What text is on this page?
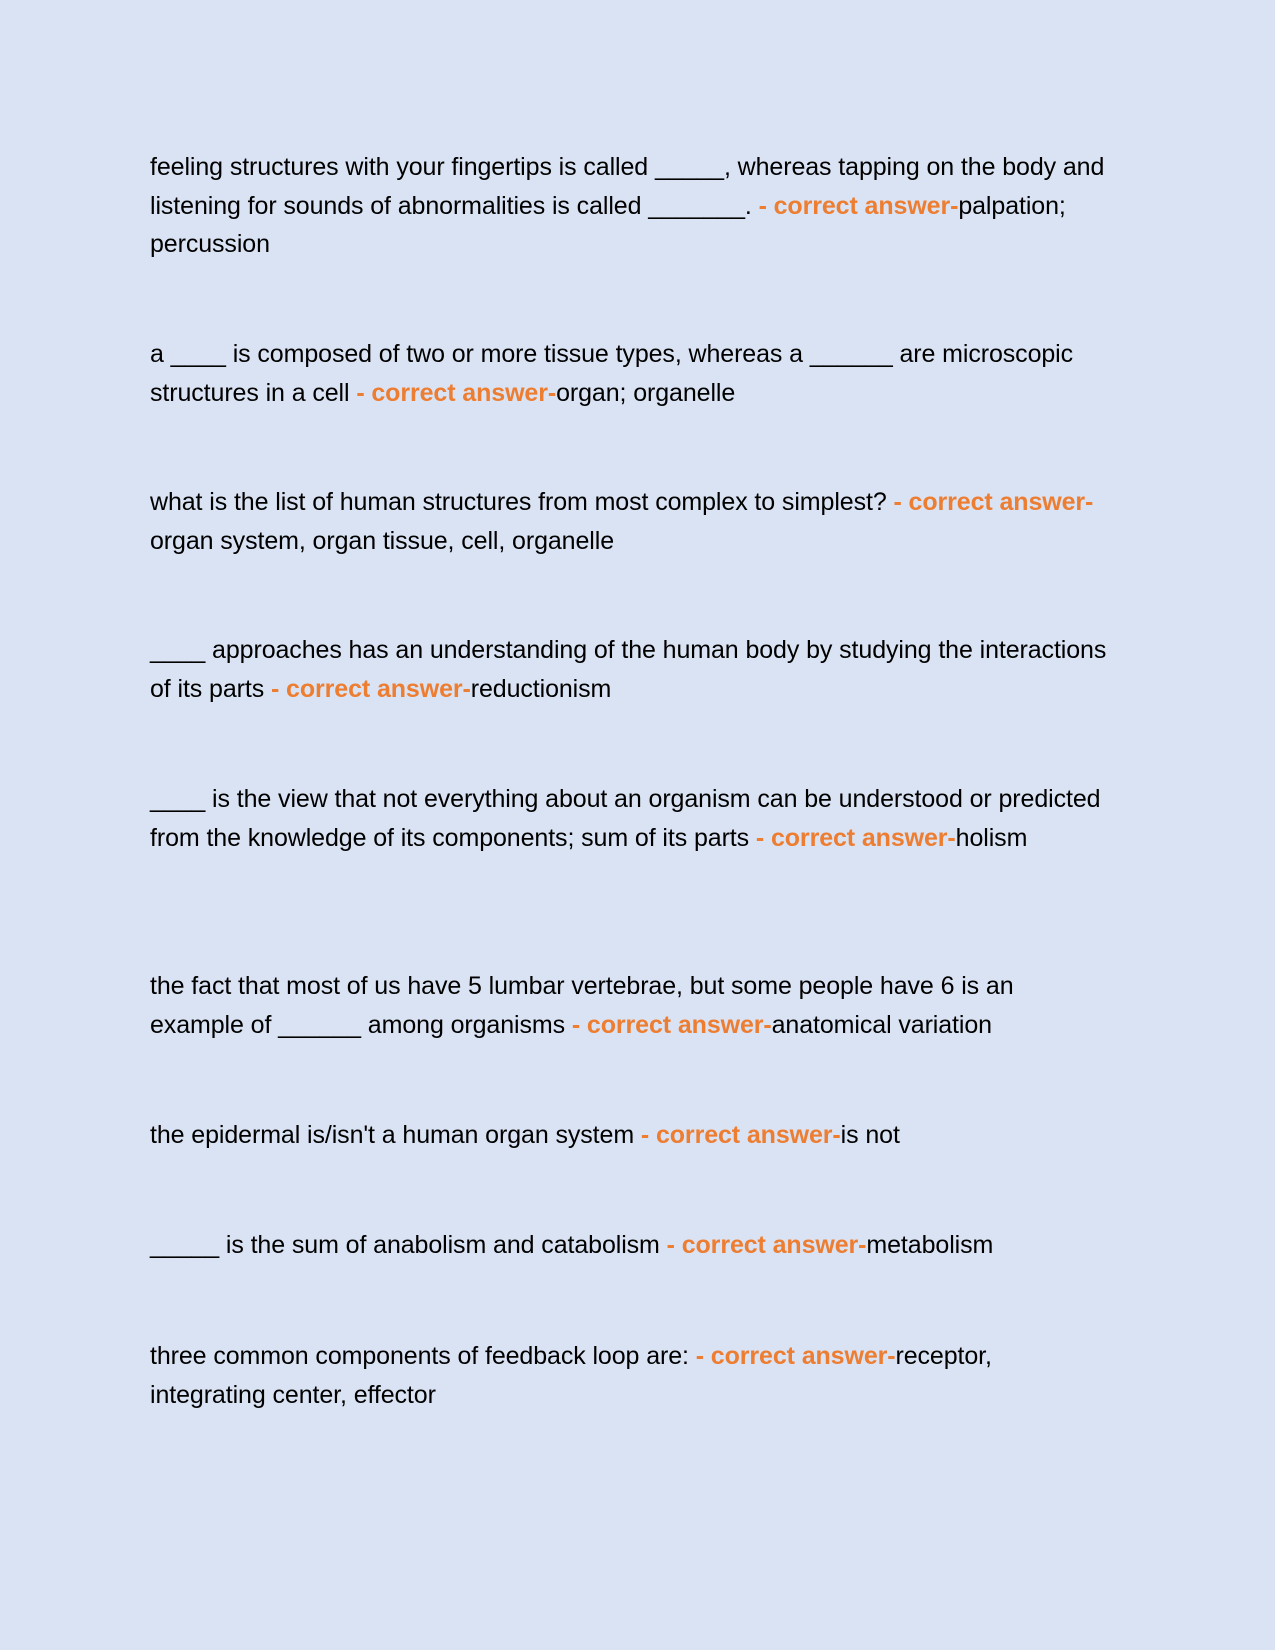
feeling structures with your fingertips is called _____, whereas tapping on the body and listening for sounds of abnormalities is called _______. - correct answer-palpation; percussion

a ____ is composed of two or more tissue types, whereas a ______ are microscopic structures in a cell - correct answer-organ; organelle

what is the list of human structures from most complex to simplest? - correct answer-organ system, organ tissue, cell, organelle

____ approaches has an understanding of the human body by studying the interactions of its parts - correct answer-reductionism

____ is the view that not everything about an organism can be understood or predicted from the knowledge of its components; sum of its parts - correct answer-holism

the fact that most of us have 5 lumbar vertebrae, but some people have 6 is an example of ______ among organisms - correct answer-anatomical variation

the epidermal is/isn't a human organ system - correct answer-is not

_____ is the sum of anabolism and catabolism - correct answer-metabolism

three common components of feedback loop are: - correct answer-receptor, integrating center, effector
